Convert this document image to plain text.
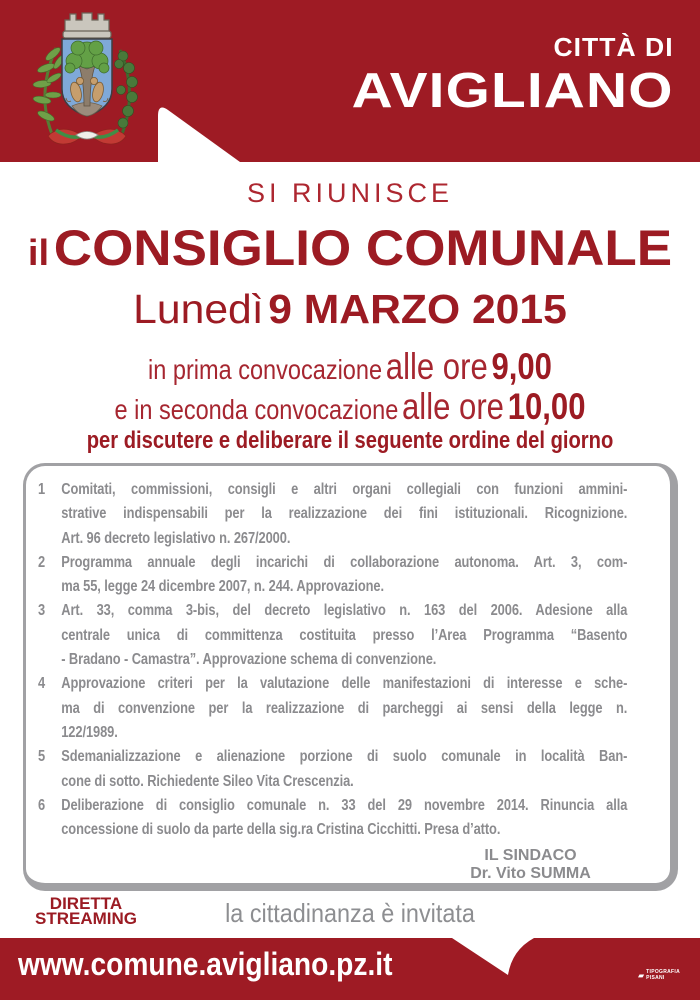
CITTÀ DI
AVIGLIANO
SI RIUNISCE
il CONSIGLIO COMUNALE
Lunedì 9 MARZO 2015
in prima convocazione alle ore 9,00
e in seconda convocazione alle ore 10,00
per discutere e deliberare il seguente ordine del giorno
1	Comitati, commissioni, consigli e altri organi collegiali con funzioni ammini-
strative indispensabili per la realizzazione dei fini istituzionali. Ricognizione.
Art. 96 decreto legislativo n. 267/2000.
2	Programma annuale degli incarichi di collaborazione autonoma. Art. 3, com-
ma 55, legge 24 dicembre 2007, n. 244. Approvazione.
3	Art. 33, comma 3-bis, del decreto legislativo n. 163 del 2006. Adesione alla
centrale unica di committenza costituita presso l’Area Programma “Basento
- Bradano - Camastra”. Approvazione schema di convenzione.
4	Approvazione criteri per la valutazione delle manifestazioni di interesse e sche-
ma di convenzione per la realizzazione di parcheggi ai sensi della legge n.
122/1989.
5	Sdemanializzazione e alienazione porzione di suolo comunale in località Ban-
cone di sotto. Richiedente Sileo Vita Crescenzia.
6	Deliberazione di consiglio comunale n. 33 del 29 novembre 2014. Rinuncia alla
concessione di suolo da parte della sig.ra Cristina Cicchitti. Presa d’atto.
IL SINDACO
Dr. Vito SUMMA
DIRETTA
STREAMING	la cittadinanza è invitata
www.comune.avigliano.pz.it	▰ TIPOGRAFIA
PISANI
